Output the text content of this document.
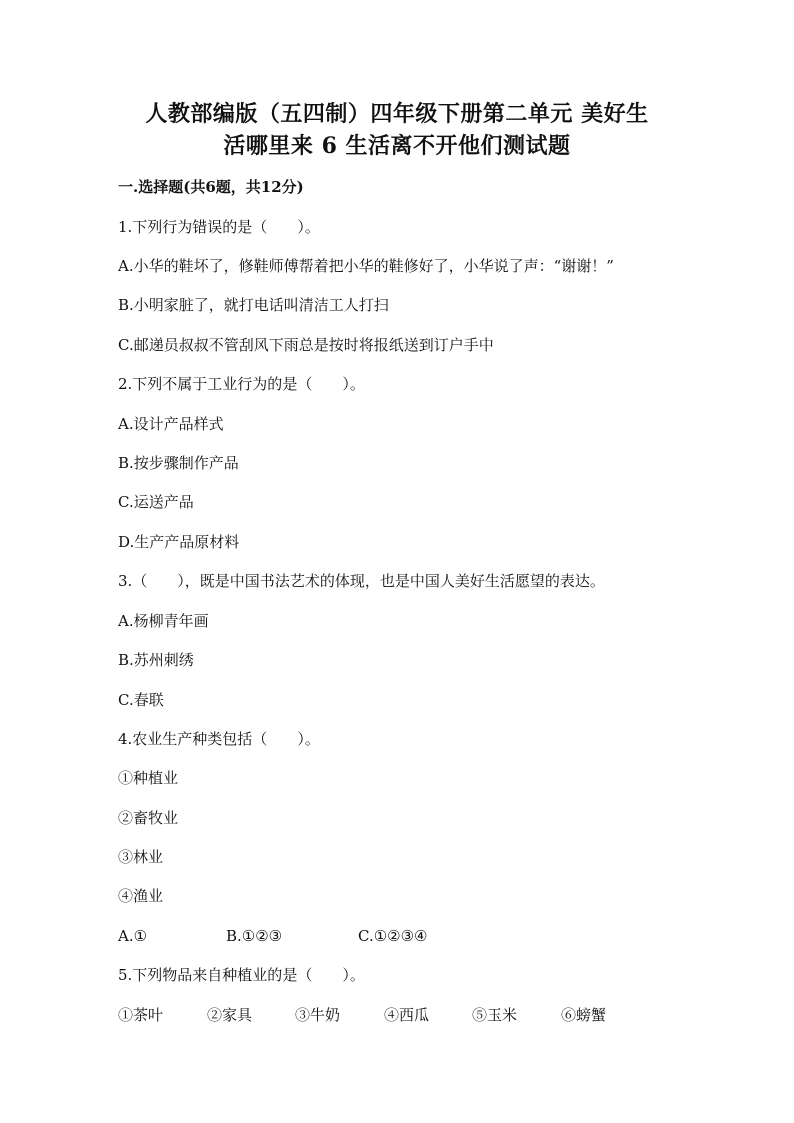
人教部编版（五四制）四年级下册第二单元 美好生
活哪里来 6 生活离不开他们测试题
一.选择题(共6题，共12分)
1.下列行为错误的是（　　）。
A.小华的鞋坏了，修鞋师傅帮着把小华的鞋修好了，小华说了声：“谢谢！”
B.小明家脏了，就打电话叫清洁工人打扫
C.邮递员叔叔不管刮风下雨总是按时将报纸送到订户手中
2.下列不属于工业行为的是（　　）。
A.设计产品样式
B.按步骤制作产品
C.运送产品
D.生产产品原材料
3.（　　），既是中国书法艺术的体现，也是中国人美好生活愿望的表达。
A.杨柳青年画
B.苏州刺绣
C.春联
4.农业生产种类包括（　　）。
①种植业
②畜牧业
③林业
④渔业
A.①	B.①②③	C.①②③④
5.下列物品来自种植业的是（　　）。
①茶叶	②家具	③牛奶	④西瓜	⑤玉米	⑥螃蟹
